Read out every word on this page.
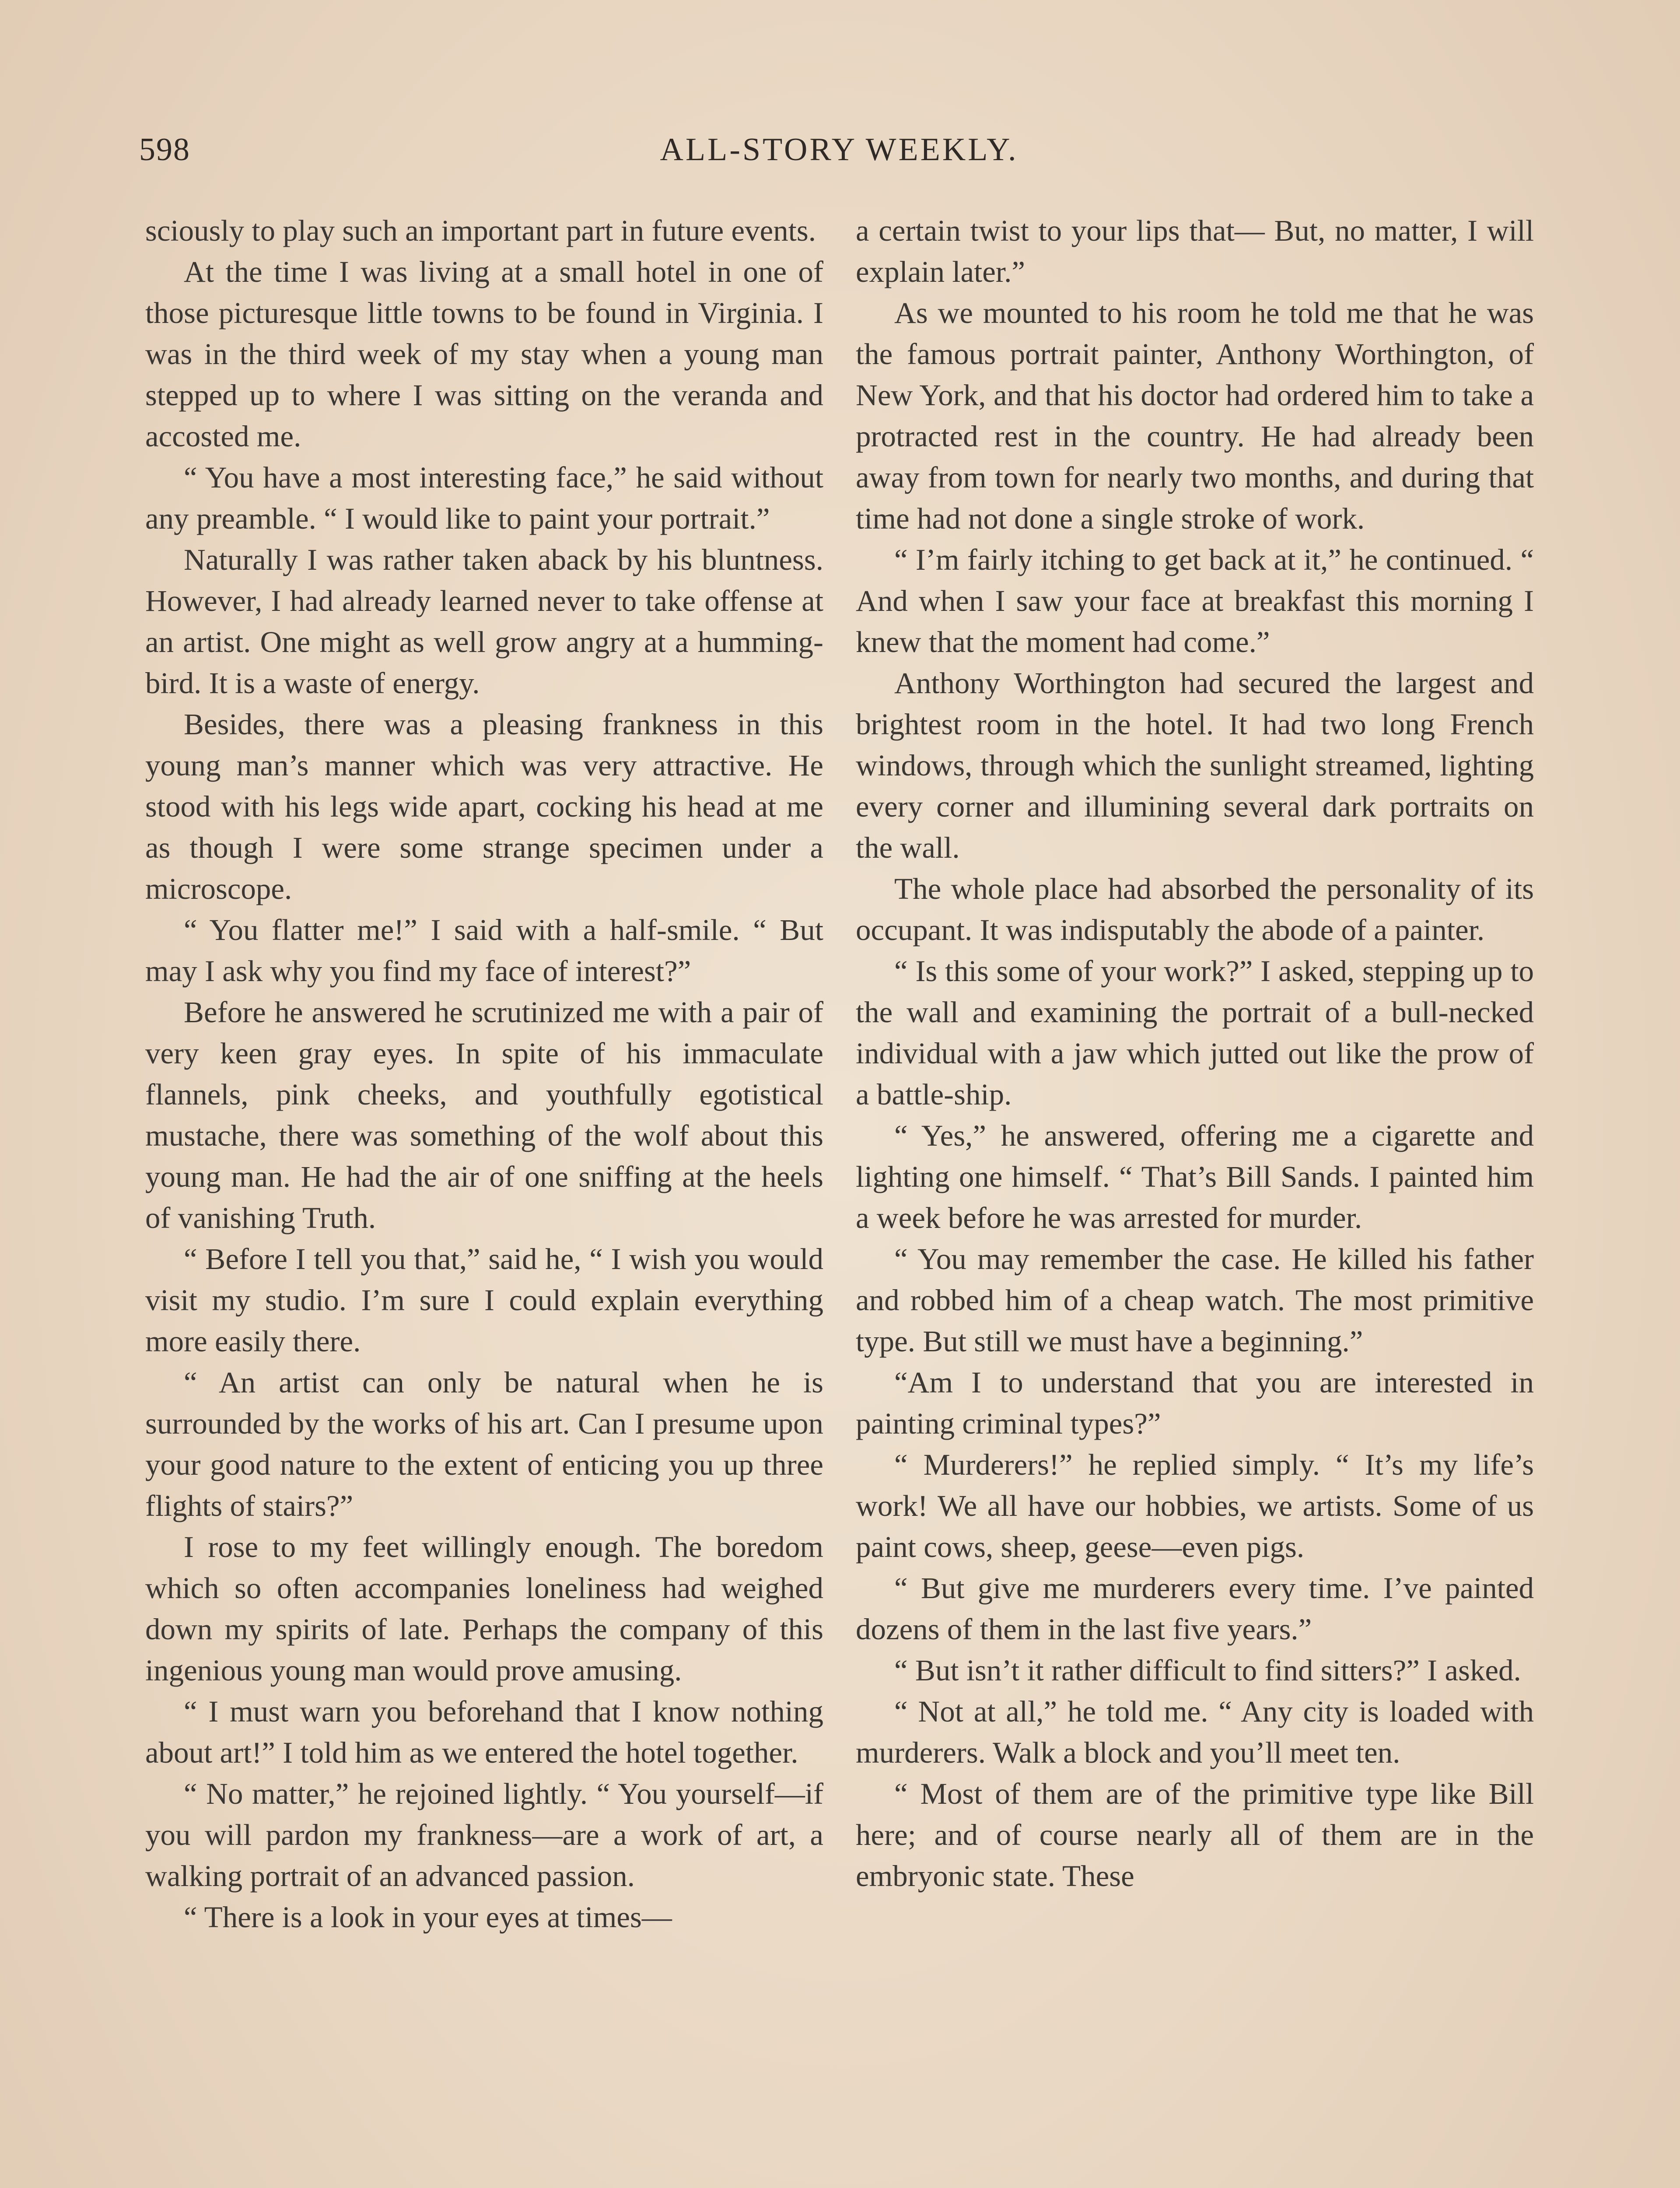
598	ALL-STORY WEEKLY.

sciously to play such an important part in future events.

At the time I was living at a small hotel in one of those picturesque little towns to be found in Virginia. I was in the third week of my stay when a young man stepped up to where I was sitting on the veranda and accosted me.

“ You have a most interesting face,” he said without any preamble. “ I would like to paint your portrait.”

Naturally I was rather taken aback by his bluntness. However, I had already learned never to take offense at an artist. One might as well grow angry at a humming-bird. It is a waste of energy.

Besides, there was a pleasing frankness in this young man’s manner which was very attractive. He stood with his legs wide apart, cocking his head at me as though I were some strange specimen under a microscope.

“ You flatter me!” I said with a half-smile. “ But may I ask why you find my face of interest?”

Before he answered he scrutinized me with a pair of very keen gray eyes. In spite of his immaculate flannels, pink cheeks, and youthfully egotistical mustache, there was something of the wolf about this young man. He had the air of one sniffing at the heels of vanishing Truth.

“ Before I tell you that,” said he, “ I wish you would visit my studio. I’m sure I could explain everything more easily there.

“ An artist can only be natural when he is surrounded by the works of his art. Can I presume upon your good nature to the extent of enticing you up three flights of stairs?”

I rose to my feet willingly enough. The boredom which so often accompanies loneliness had weighed down my spirits of late. Perhaps the company of this ingenious young man would prove amusing.

“ I must warn you beforehand that I know nothing about art!” I told him as we entered the hotel together.

“ No matter,” he rejoined lightly. “ You yourself—if you will pardon my frankness—are a work of art, a walking portrait of an advanced passion.

“ There is a look in your eyes at times—

a certain twist to your lips that— But, no matter, I will explain later.”

As we mounted to his room he told me that he was the famous portrait painter, Anthony Worthington, of New York, and that his doctor had ordered him to take a protracted rest in the country. He had already been away from town for nearly two months, and during that time had not done a single stroke of work.

“ I’m fairly itching to get back at it,” he continued. “ And when I saw your face at breakfast this morning I knew that the moment had come.”

Anthony Worthington had secured the largest and brightest room in the hotel. It had two long French windows, through which the sunlight streamed, lighting every corner and illumining several dark portraits on the wall.

The whole place had absorbed the personality of its occupant. It was indisputably the abode of a painter.

“ Is this some of your work?” I asked, stepping up to the wall and examining the portrait of a bull-necked individual with a jaw which jutted out like the prow of a battle-ship.

“ Yes,” he answered, offering me a cigarette and lighting one himself. “ That’s Bill Sands. I painted him a week before he was arrested for murder.

“ You may remember the case. He killed his father and robbed him of a cheap watch. The most primitive type. But still we must have a beginning.”

“Am I to understand that you are interested in painting criminal types?”

“ Murderers!” he replied simply. “ It’s my life’s work! We all have our hobbies, we artists. Some of us paint cows, sheep, geese—even pigs.

“ But give me murderers every time. I’ve painted dozens of them in the last five years.”

“ But isn’t it rather difficult to find sitters?” I asked.

“ Not at all,” he told me. “ Any city is loaded with murderers. Walk a block and you’ll meet ten.

“ Most of them are of the primitive type like Bill here; and of course nearly all of them are in the embryonic state. These
